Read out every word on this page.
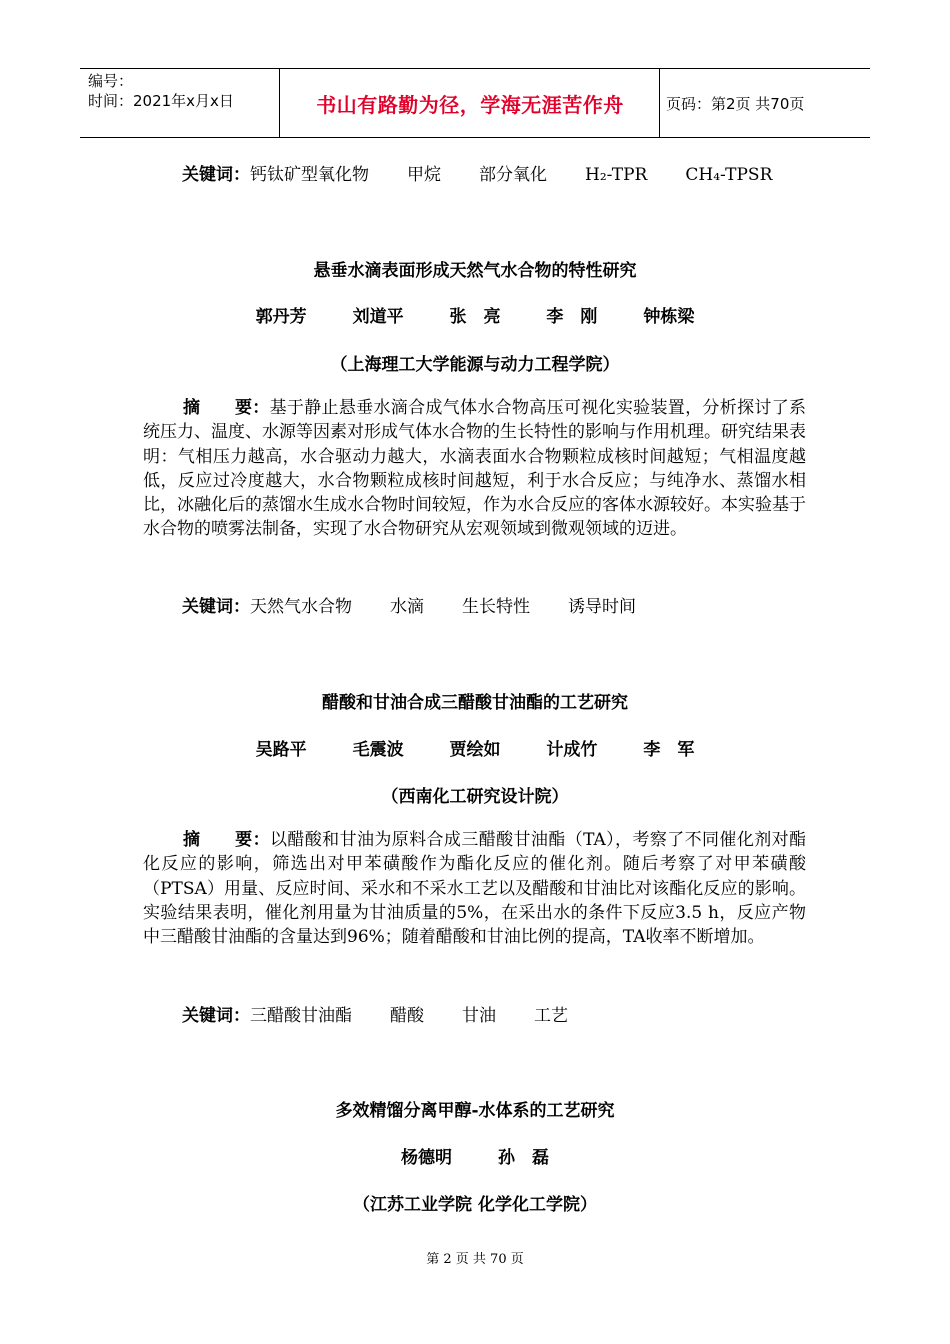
编号：
时间：2021年x月x日	书山有路勤为径，学海无涯苦作舟	页码：第2页 共70页
关键词：钙钛矿型氧化物 甲烷 部分氧化 H₂-TPR CH₄-TPSR
悬垂水滴表面形成天然气水合物的特性研究
郭丹芳	刘道平	张　亮	李　刚	钟栋梁
（上海理工大学能源与动力工程学院）
摘　　要：基于静止悬垂水滴合成气体水合物高压可视化实验装置，分析探讨了系统压力、温度、水源等因素对形成气体水合物的生长特性的影响与作用机理。研究结果表明：气相压力越高，水合驱动力越大，水滴表面水合物颗粒成核时间越短；气相温度越低，反应过冷度越大，水合物颗粒成核时间越短，利于水合反应；与纯净水、蒸馏水相比，冰融化后的蒸馏水生成水合物时间较短，作为水合反应的客体水源较好。本实验基于水合物的喷雾法制备，实现了水合物研究从宏观领域到微观领域的迈进。
关键词：天然气水合物 水滴 生长特性 诱导时间
醋酸和甘油合成三醋酸甘油酯的工艺研究
吴路平	毛震波	贾绘如	计成竹	李　军
（西南化工研究设计院）
摘　　要：以醋酸和甘油为原料合成三醋酸甘油酯（TA），考察了不同催化剂对酯化反应的影响，筛选出对甲苯磺酸作为酯化反应的催化剂。随后考察了对甲苯磺酸（PTSA）用量、反应时间、采水和不采水工艺以及醋酸和甘油比对该酯化反应的影响。实验结果表明，催化剂用量为甘油质量的5%，在采出水的条件下反应3.5 h，反应产物中三醋酸甘油酯的含量达到96%；随着醋酸和甘油比例的提高，TA收率不断增加。
关键词：三醋酸甘油酯 醋酸 甘油 工艺
多效精馏分离甲醇-水体系的工艺研究
杨德明	孙　磊
（江苏工业学院 化学化工学院）
第 2 页 共 70 页
